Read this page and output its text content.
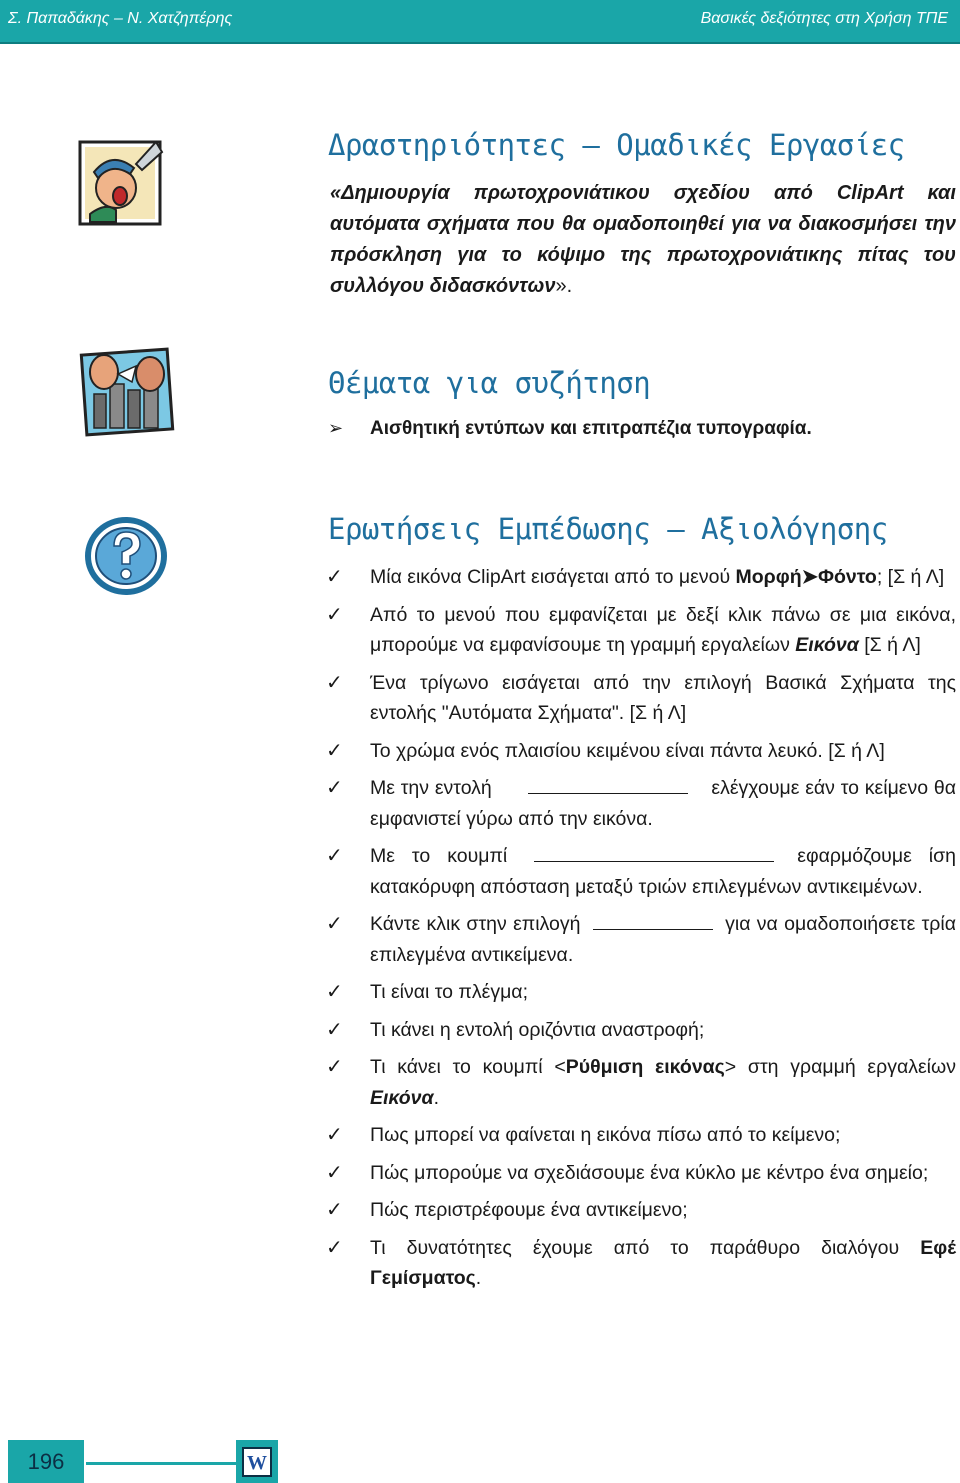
Σ. Παπαδάκης – Ν. Χατζηπέρης	Βασικές δεξιότητες στη Χρήση ΤΠΕ
Δραστηριότητες – Ομαδικές Εργασίες
«Δημιουργία πρωτοχρονιάτικου σχεδίου από ClipArt και αυτόματα σχήματα που θα ομαδοποιηθεί για να διακοσμήσει την πρόσκληση για το κόψιμο της πρωτοχρονιάτικης πίτας του συλλόγου διδασκόντων».
Θέματα για συζήτηση
➢ Αισθητική εντύπων και επιτραπέζια τυπογραφία.
Ερωτήσεις Εμπέδωσης – Αξιολόγησης
✓ Μία εικόνα ClipArt εισάγεται από το μενού Μορφή➤Φόντο; [Σ ή Λ]
✓ Από το μενού που εμφανίζεται με δεξί κλικ πάνω σε μια εικόνα, μπορούμε να εμφανίσουμε τη γραμμή εργαλείων Εικόνα [Σ ή Λ]
✓ Ένα τρίγωνο εισάγεται από την επιλογή Βασικά Σχήματα της εντολής "Αυτόματα Σχήματα". [Σ ή Λ]
✓ Το χρώμα ενός πλαισίου κειμένου είναι πάντα λευκό. [Σ ή Λ]
✓ Με την εντολή	ελέγχουμε εάν το κείμενο θα εμφανιστεί γύρω από την εικόνα.
✓ Με το κουμπί	εφαρμόζουμε ίση κατακόρυφη απόσταση μεταξύ τριών επιλεγμένων αντικειμένων.
✓ Κάντε κλικ στην επιλογή	για να ομαδοποιήσετε τρία επιλεγμένα αντικείμενα.
✓ Τι είναι το πλέγμα;
✓ Τι κάνει η εντολή οριζόντια αναστροφή;
✓ Τι κάνει το κουμπί <Ρύθμιση εικόνας> στη γραμμή εργαλείων Εικόνα.
✓ Πως μπορεί να φαίνεται η εικόνα πίσω από το κείμενο;
✓ Πώς μπορούμε να σχεδιάσουμε ένα κύκλο με κέντρο ένα σημείο;
✓ Πώς περιστρέφουμε ένα αντικείμενο;
✓ Τι δυνατότητες έχουμε από το παράθυρο διαλόγου Εφέ Γεμίσματος.
196	W
